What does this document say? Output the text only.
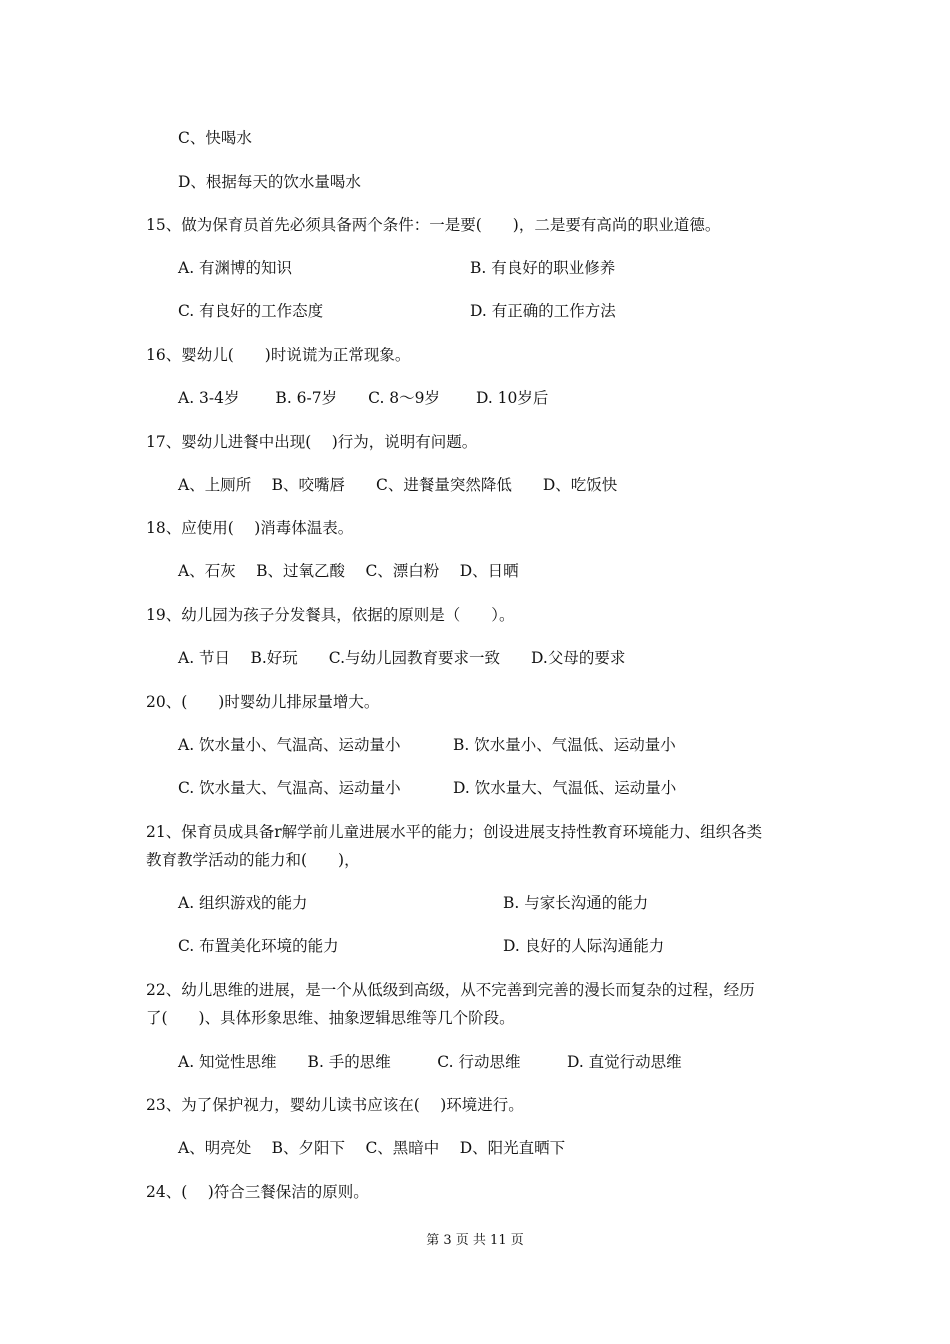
C、快喝水
D、根据每天的饮水量喝水
15、做为保育员首先必须具备两个条件：一是要(　　)，二是要有高尚的职业道德。
A. 有渊博的知识	B. 有良好的职业修养
C. 有良好的工作态度	D. 有正确的工作方法
16、婴幼儿(　　)时说谎为正常现象。
A. 3-4岁　　 B. 6-7岁　　C. 8～9岁　　 D. 10岁后
17、婴幼儿进餐中出现(　 )行为，说明有问题。
A、上厕所　 B、咬嘴唇　　C、进餐量突然降低　　D、吃饭快
18、应使用(　 )消毒体温表。
A、石灰　 B、过氧乙酸　 C、漂白粉　 D、日晒
19、幼儿园为孩子分发餐具，依据的原则是（　　）。
A. 节日　 B.好玩　　C.与幼儿园教育要求一致　　D.父母的要求
20、(　　)时婴幼儿排尿量增大。
A. 饮水量小、气温高、运动量小	B. 饮水量小、气温低、运动量小
C. 饮水量大、气温高、运动量小	D. 饮水量大、气温低、运动量小
21、保育员成具备r解学前儿童进展水平的能力；创设进展支持性教育环境能力、组织各类
教育教学活动的能力和(　　)，
A. 组织游戏的能力	B. 与家长沟通的能力
C. 布置美化环境的能力	D. 良好的人际沟通能力
22、幼儿思维的进展，是一个从低级到高级，从不完善到完善的漫长而复杂的过程，经历
了(　　)、具体形象思维、抽象逻辑思维等几个阶段。
A. 知觉性思维　　B. 手的思维　　　C. 行动思维　　　D. 直觉行动思维
23、为了保护视力，婴幼儿读书应该在(　 )环境进行。
A、明亮处　 B、夕阳下　 C、黑暗中　 D、阳光直晒下
24、(　 )符合三餐保洁的原则。
第 3 页 共 11 页
